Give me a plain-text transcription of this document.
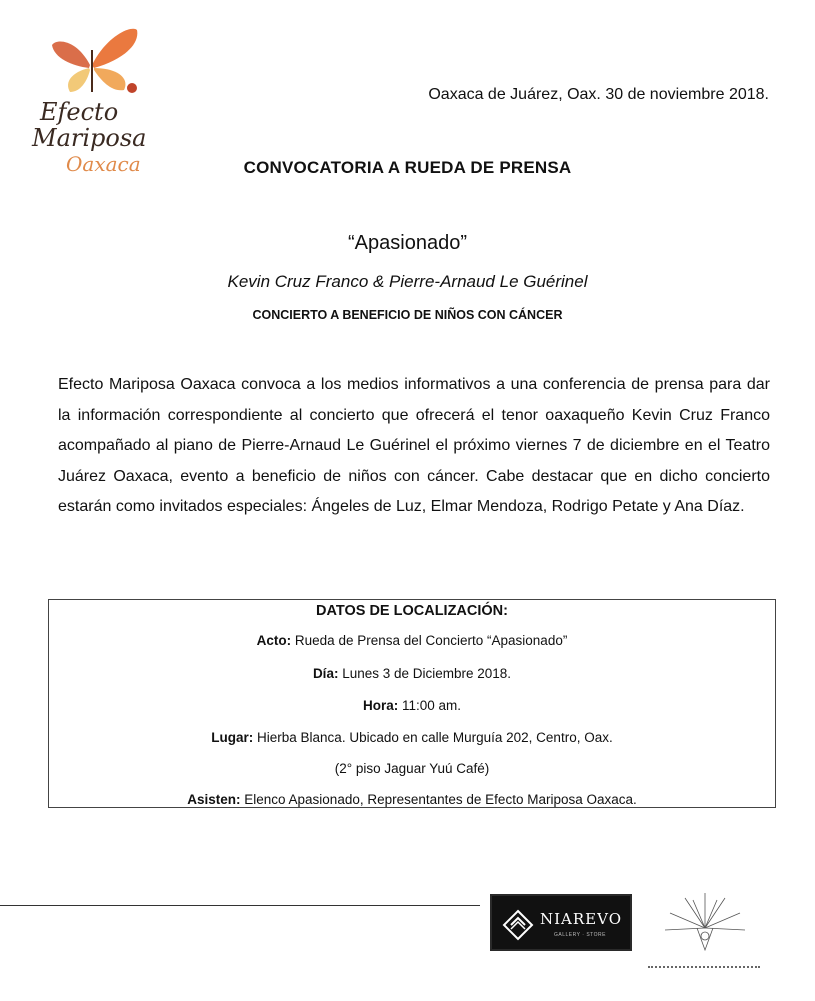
Efecto
Mariposa
Oaxaca
Oaxaca de Juárez, Oax. 30 de noviembre 2018.
CONVOCATORIA A RUEDA DE PRENSA
“Apasionado”
Kevin Cruz Franco & Pierre-Arnaud Le Guérinel
CONCIERTO A BENEFICIO DE NIÑOS CON CÁNCER

Efecto Mariposa Oaxaca convoca a los medios informativos a una conferencia de prensa para dar la información correspondiente al concierto que ofrecerá el tenor oaxaqueño Kevin Cruz Franco acompañado al piano de Pierre-Arnaud Le Guérinel el próximo viernes 7 de diciembre en el Teatro Juárez Oaxaca, evento a beneficio de niños con cáncer. Cabe destacar que en dicho concierto estarán como invitados especiales: Ángeles de Luz, Elmar Mendoza, Rodrigo Petate y Ana Díaz.

DATOS DE LOCALIZACIÓN:
Acto: Rueda de Prensa del Concierto “Apasionado”
Día: Lunes 3 de Diciembre 2018.
Hora: 11:00 am.
Lugar: Hierba Blanca. Ubicado en calle Murguía 202, Centro, Oax.
(2° piso Jaguar Yuú Café)
Asisten: Elenco Apasionado, Representantes de Efecto Mariposa Oaxaca.
NIAREVO
GALLERY · STORE
